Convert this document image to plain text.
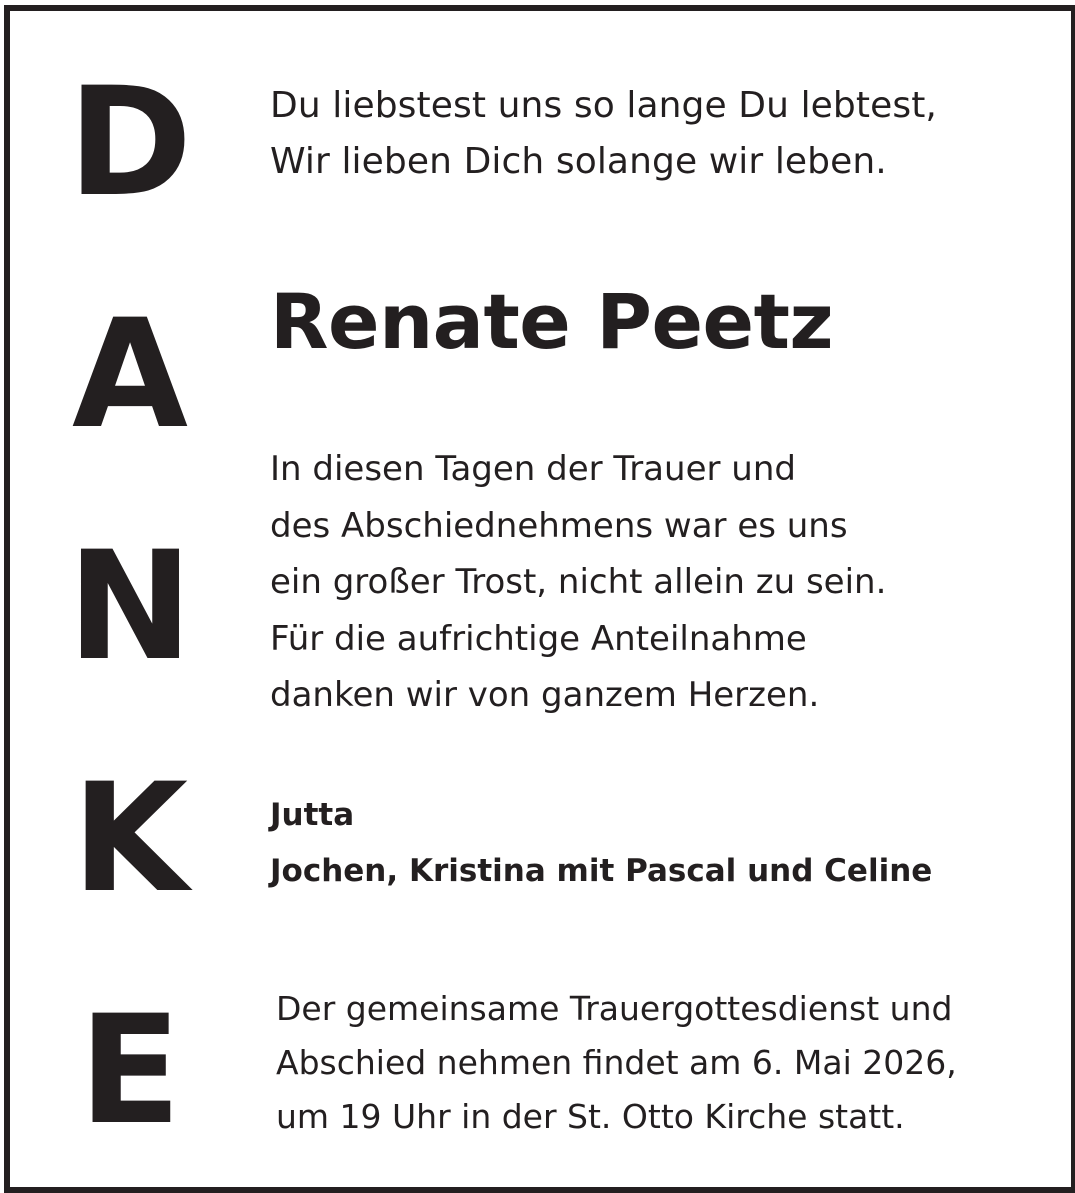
D
A
N
K
E
Du liebstest uns so lange Du lebtest,
Wir lieben Dich solange wir leben.
Renate Peetz
In diesen Tagen der Trauer und
des Abschiednehmens war es uns
ein großer Trost, nicht allein zu sein.
Für die aufrichtige Anteilnahme
danken wir von ganzem Herzen.
Jutta
Jochen, Kristina mit Pascal und Celine
Der gemeinsame Trauergottesdienst und
Abschied nehmen findet am 6. Mai 2026,
um 19 Uhr in der St. Otto Kirche statt.
